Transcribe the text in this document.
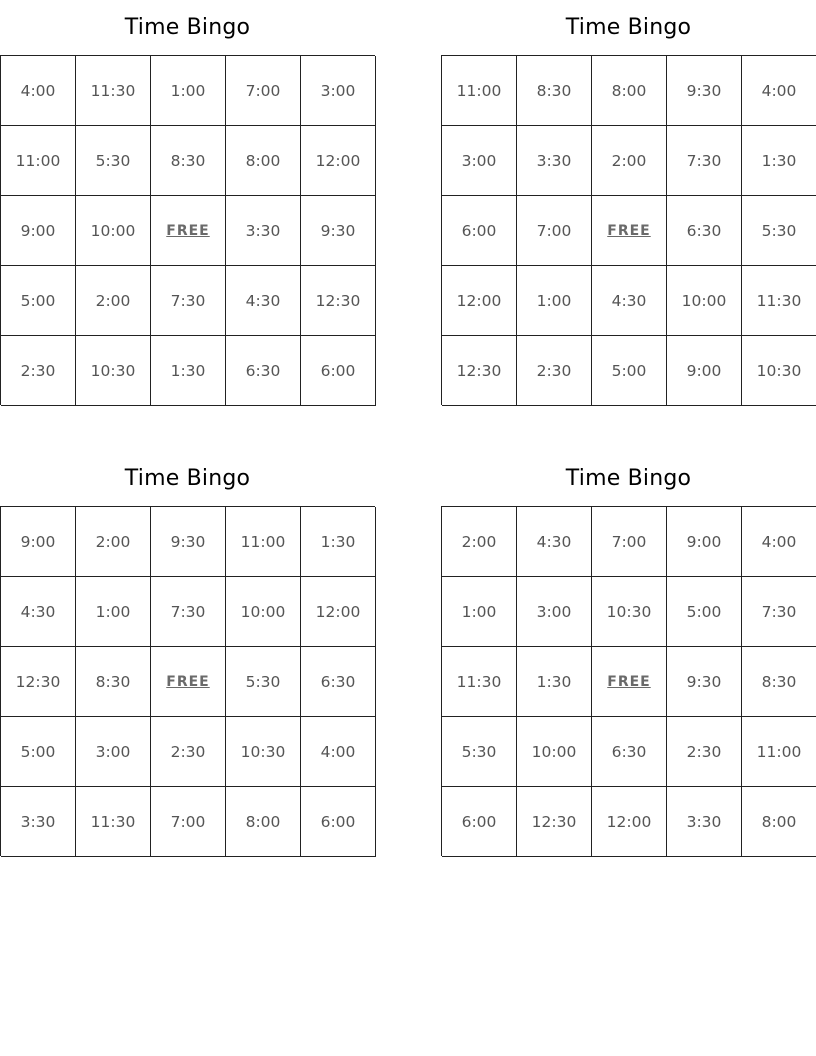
Time Bingo
4:00	11:30	1:00	7:00	3:00
11:00	5:30	8:30	8:00	12:00
9:00	10:00	FREE	3:30	9:30
5:00	2:00	7:30	4:30	12:30
2:30	10:30	1:30	6:30	6:00
Time Bingo
11:00	8:30	8:00	9:30	4:00
3:00	3:30	2:00	7:30	1:30
6:00	7:00	FREE	6:30	5:30
12:00	1:00	4:30	10:00	11:30
12:30	2:30	5:00	9:00	10:30
Time Bingo
9:00	2:00	9:30	11:00	1:30
4:30	1:00	7:30	10:00	12:00
12:30	8:30	FREE	5:30	6:30
5:00	3:00	2:30	10:30	4:00
3:30	11:30	7:00	8:00	6:00
Time Bingo
2:00	4:30	7:00	9:00	4:00
1:00	3:00	10:30	5:00	7:30
11:30	1:30	FREE	9:30	8:30
5:30	10:00	6:30	2:30	11:00
6:00	12:30	12:00	3:30	8:00
